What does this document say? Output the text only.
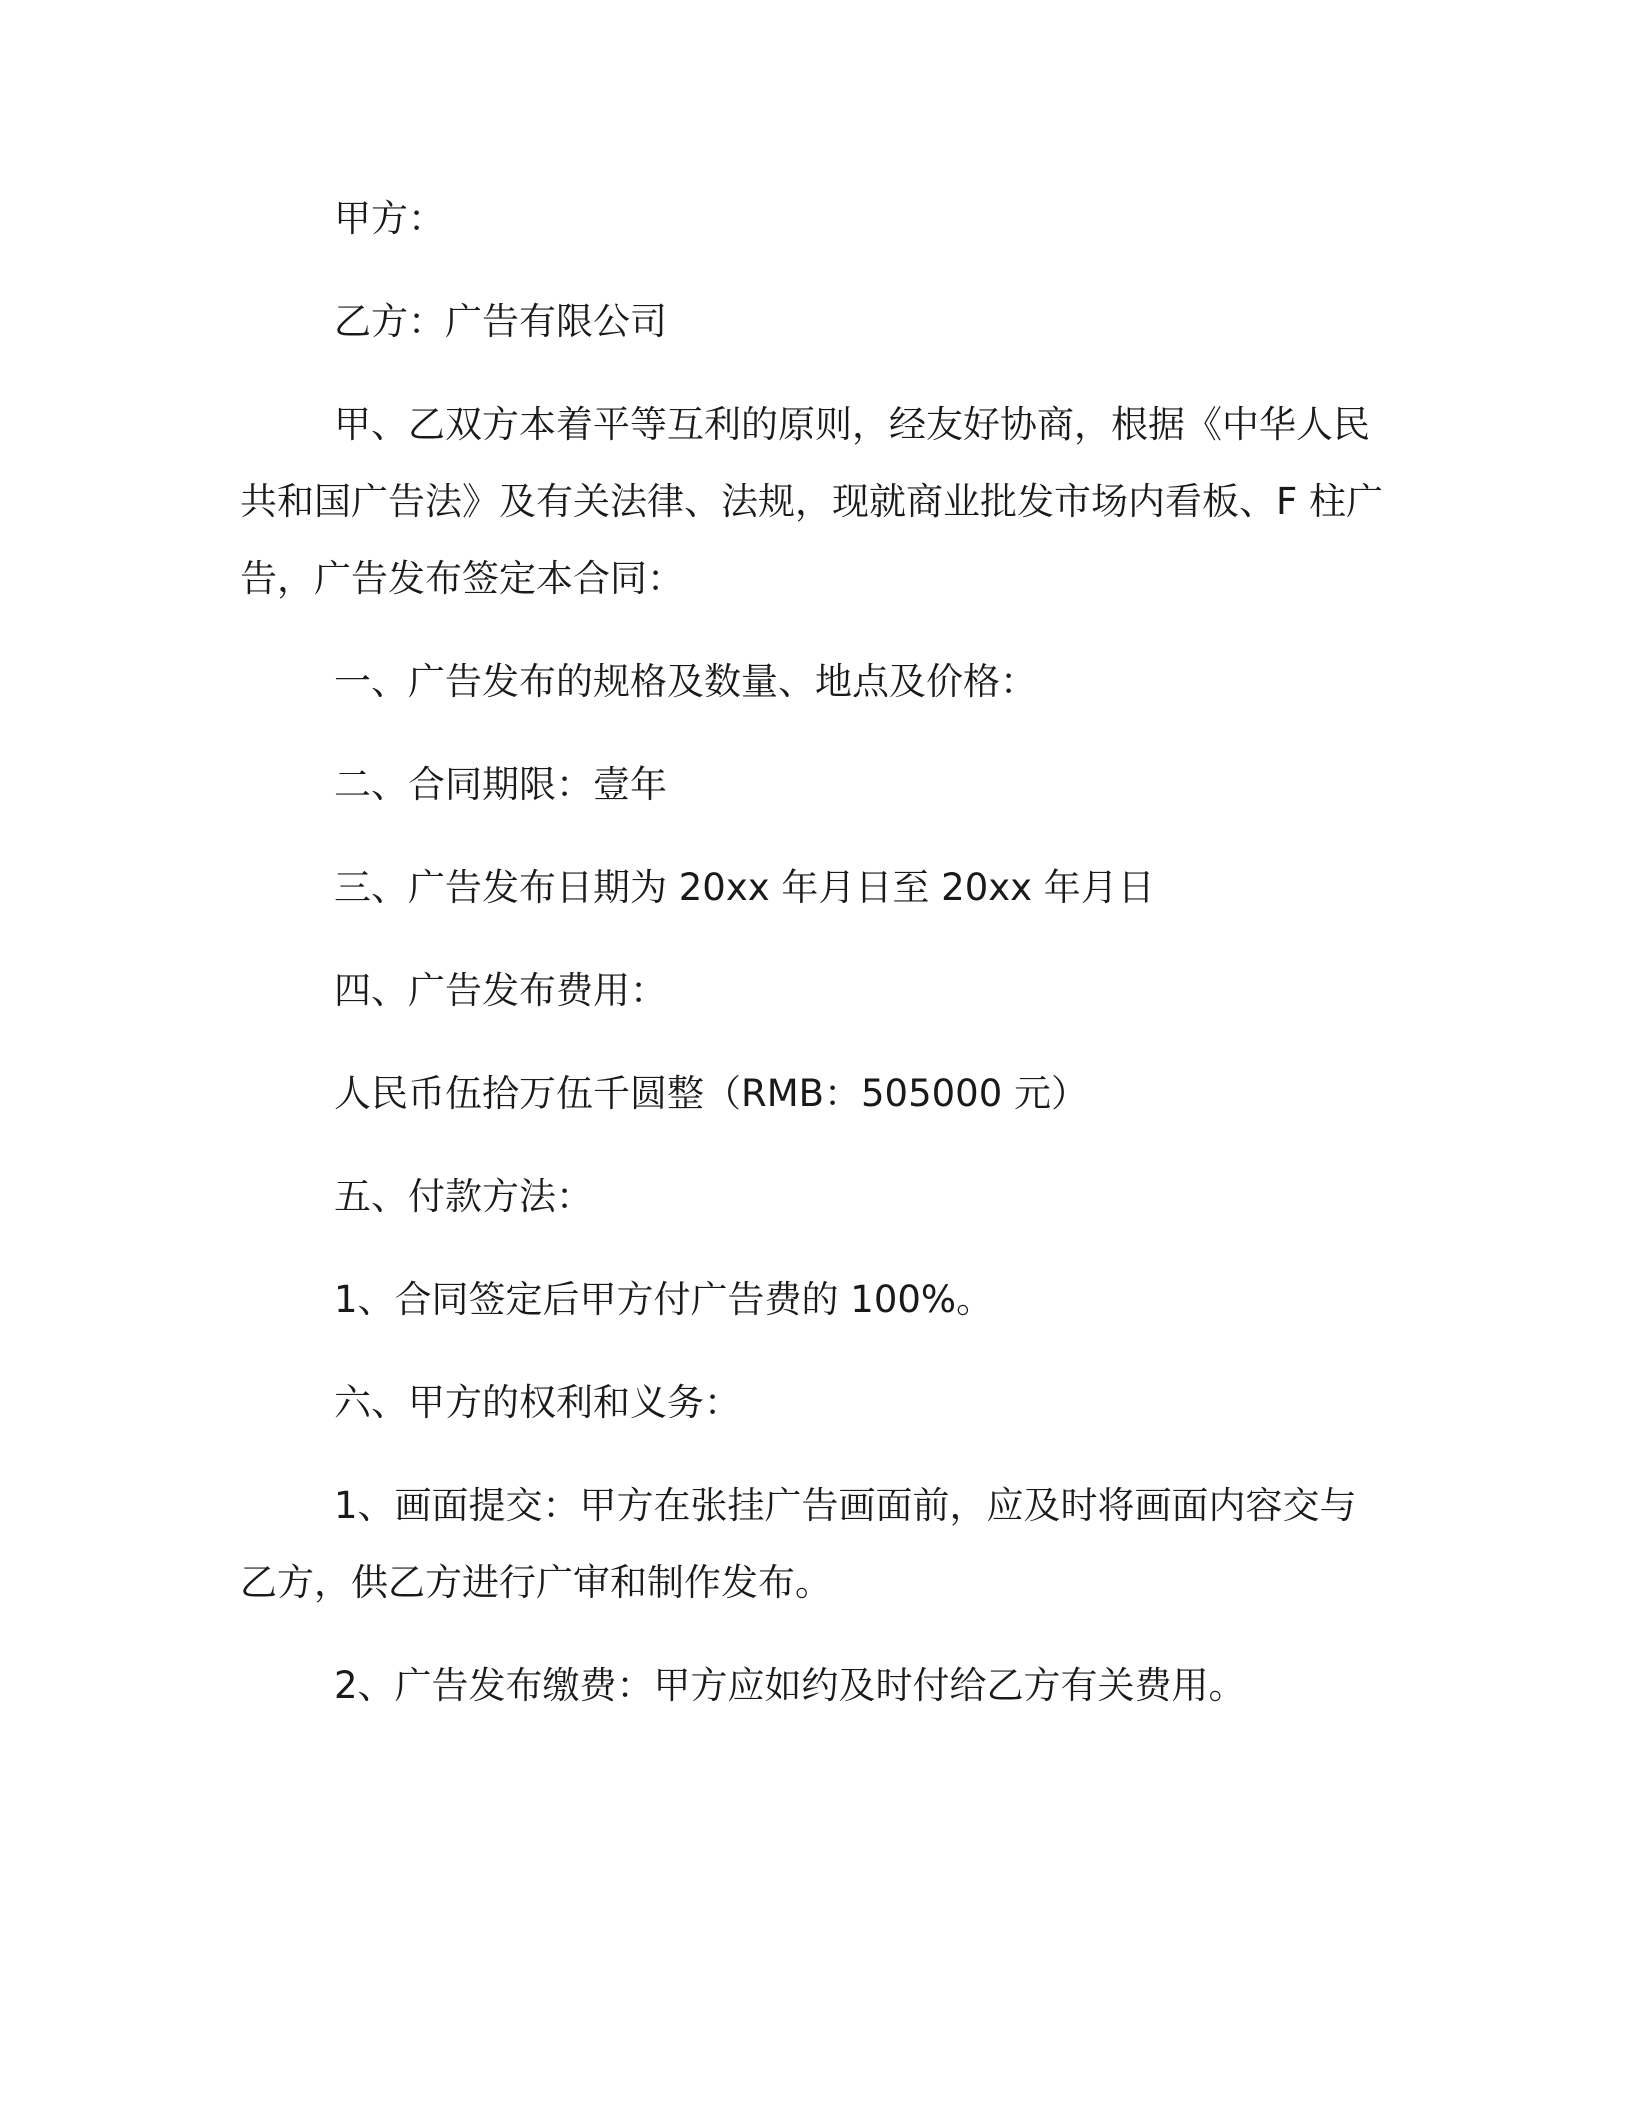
甲方：

乙方：广告有限公司

甲、乙双方本着平等互利的原则，经友好协商，根据《中华人民共和国广告法》及有关法律、法规，现就商业批发市场内看板、F 柱广告，广告发布签定本合同：

一、广告发布的规格及数量、地点及价格：

二、合同期限：壹年

三、广告发布日期为 20xx 年月日至 20xx 年月日

四、广告发布费用：

人民币伍拾万伍千圆整（RMB：505000 元）

五、付款方法：

1、合同签定后甲方付广告费的 100%。

六、甲方的权利和义务：

1、画面提交：甲方在张挂广告画面前，应及时将画面内容交与乙方，供乙方进行广审和制作发布。

2、广告发布缴费：甲方应如约及时付给乙方有关费用。
